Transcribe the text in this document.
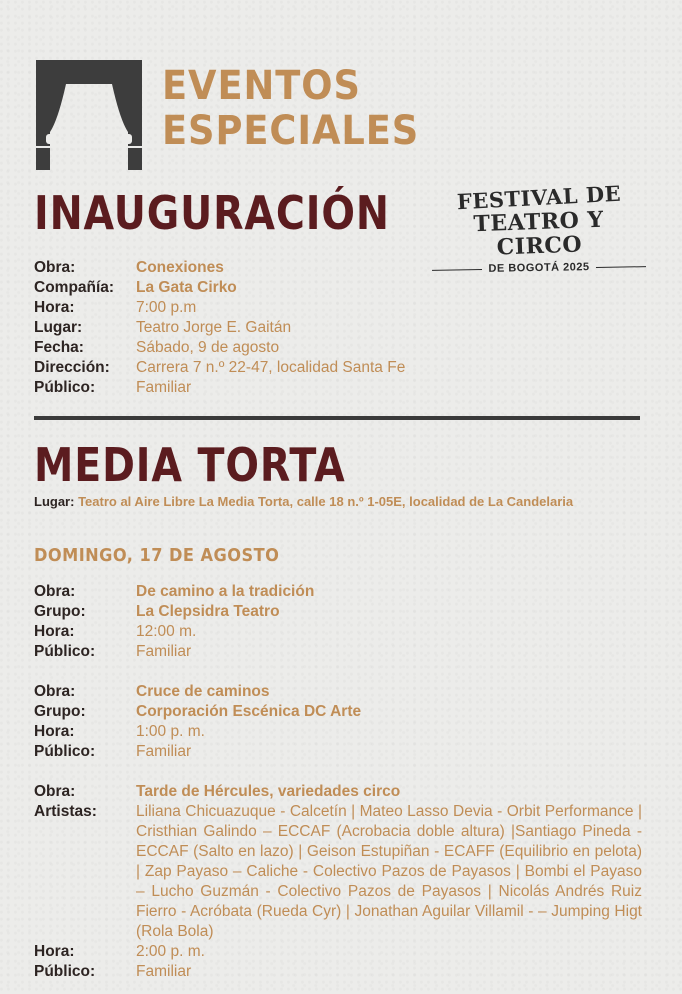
EVENTOS
ESPECIALES
FESTIVAL DE
TEATRO Y CIRCO
DE BOGOTÁ 2025
INAUGURACIÓN
Obra:	Conexiones
Compañía:	La Gata Cirko
Hora:	7:00 p.m
Lugar:	Teatro Jorge E. Gaitán
Fecha:	Sábado, 9 de agosto
Dirección:	Carrera 7 n.º 22-47, localidad Santa Fe
Público:	Familiar
MEDIA TORTA
Lugar: Teatro al Aire Libre La Media Torta, calle 18 n.º 1-05E, localidad de La Candelaria
DOMINGO, 17 DE AGOSTO
Obra:	De camino a la tradición
Grupo:	La Clepsidra Teatro
Hora:	12:00 m.
Público:	Familiar
Obra:	Cruce de caminos
Grupo:	Corporación Escénica DC Arte
Hora:	1:00 p. m.
Público:	Familiar
Obra:	Tarde de Hércules, variedades circo
Artistas:	Liliana Chicuazuque - Calcetín | Mateo Lasso Devia - Orbit Performance | Cristhian Galindo – ECCAF (Acrobacia doble altura) |Santiago Pineda - ECCAF (Salto en lazo) | Geison Estupiñan - ECAFF (Equilibrio en pelota) | Zap Payaso – Caliche - Colectivo Pazos de Payasos | Bombi el Payaso – Lucho Guzmán - Colectivo Pazos de Payasos | Nicolás Andrés Ruiz Fierro - Acróbata (Rueda Cyr) | Jonathan Aguilar Villamil - – Jumping Higt (Rola Bola)
Hora:	2:00 p. m.
Público:	Familiar
